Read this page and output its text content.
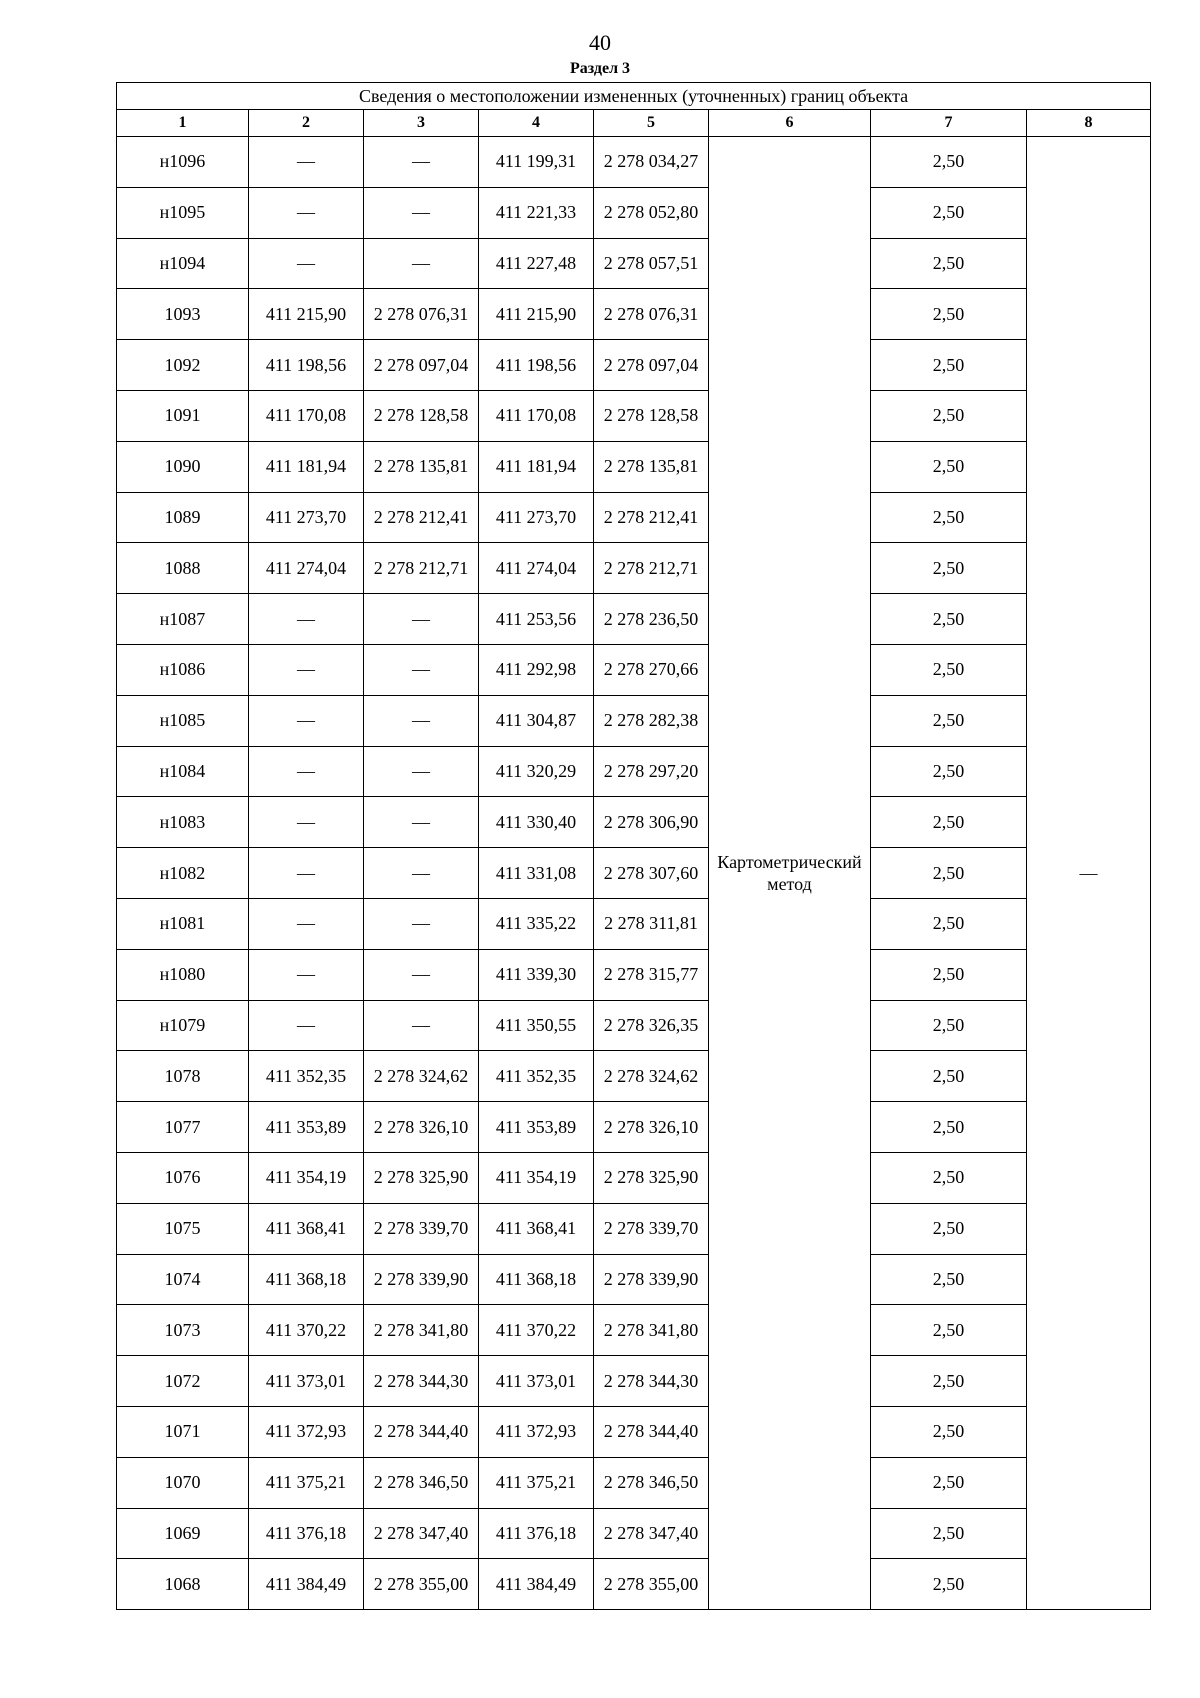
40
Раздел 3
Сведения о местоположении измененных (уточненных) границ объекта							
1	2	3	4	5	6	7	8
н1096	—	—	411 199,31	2 278 034,27	Картометрический метод	2,50	—
н1095	—	—	411 221,33	2 278 052,80		2,50	
н1094	—	—	411 227,48	2 278 057,51		2,50	
1093	411 215,90	2 278 076,31	411 215,90	2 278 076,31		2,50	
1092	411 198,56	2 278 097,04	411 198,56	2 278 097,04		2,50	
1091	411 170,08	2 278 128,58	411 170,08	2 278 128,58		2,50	
1090	411 181,94	2 278 135,81	411 181,94	2 278 135,81		2,50	
1089	411 273,70	2 278 212,41	411 273,70	2 278 212,41		2,50	
1088	411 274,04	2 278 212,71	411 274,04	2 278 212,71		2,50	
н1087	—	—	411 253,56	2 278 236,50		2,50	
н1086	—	—	411 292,98	2 278 270,66		2,50	
н1085	—	—	411 304,87	2 278 282,38		2,50	
н1084	—	—	411 320,29	2 278 297,20		2,50	
н1083	—	—	411 330,40	2 278 306,90		2,50	
н1082	—	—	411 331,08	2 278 307,60		2,50	
н1081	—	—	411 335,22	2 278 311,81		2,50	
н1080	—	—	411 339,30	2 278 315,77		2,50	
н1079	—	—	411 350,55	2 278 326,35		2,50	
1078	411 352,35	2 278 324,62	411 352,35	2 278 324,62		2,50	
1077	411 353,89	2 278 326,10	411 353,89	2 278 326,10		2,50	
1076	411 354,19	2 278 325,90	411 354,19	2 278 325,90		2,50	
1075	411 368,41	2 278 339,70	411 368,41	2 278 339,70		2,50	
1074	411 368,18	2 278 339,90	411 368,18	2 278 339,90		2,50	
1073	411 370,22	2 278 341,80	411 370,22	2 278 341,80		2,50	
1072	411 373,01	2 278 344,30	411 373,01	2 278 344,30		2,50	
1071	411 372,93	2 278 344,40	411 372,93	2 278 344,40		2,50	
1070	411 375,21	2 278 346,50	411 375,21	2 278 346,50		2,50	
1069	411 376,18	2 278 347,40	411 376,18	2 278 347,40		2,50	
1068	411 384,49	2 278 355,00	411 384,49	2 278 355,00		2,50	
